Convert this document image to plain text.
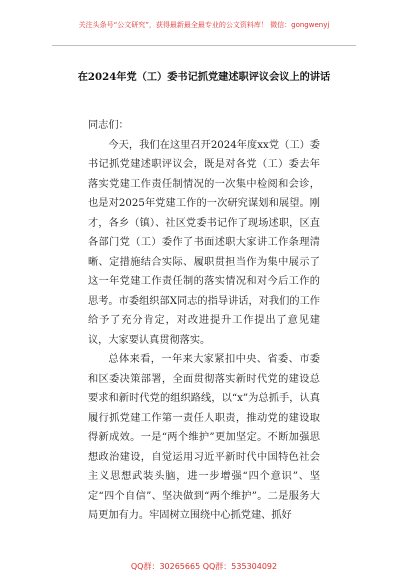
关注头条号“公文研究”，获得最新最全最专业的公文资料库！ 微信：gongwenyj
在2024年党（工）委书记抓党建述职评议会议上的讲话

同志们：

今天，我们在这里召开2024年度xx党（工）委书记抓党建述职评议会，既是对各党（工）委去年落实党建工作责任制情况的一次集中检阅和会诊，也是对2025年党建工作的一次研究谋划和展望。刚才，各乡（镇）、社区党委书记作了现场述职，区直各部门党（工）委作了书面述职大家讲工作条理清晰、定措施结合实际、履职贯担当作为集中展示了这一年党建工作责任制的落实情况和对今后工作的思考。市委组织部X同志的指导讲话，对我们的工作给予了充分肯定，对改进提升工作提出了意见建议，大家要认真贯彻落实。

总体来看，一年来大家紧扣中央、省委、市委和区委决策部署，全面贯彻落实新时代党的建设总要求和新时代党的组织路线，以“x”为总抓手，认真履行抓党建工作第一责任人职责，推动党的建设取得新成效。一是“两个维护”更加坚定。不断加强思想政治建设，自觉运用习近平新时代中国特色社会主义思想武装头脑，进一步增强“四个意识”、坚定“四个自信”、坚决做到“两个维护”。二是服务大局更加有力。牢固树立围绕中心抓党建、抓好

QQ群：30265665 QQ群：535304092
